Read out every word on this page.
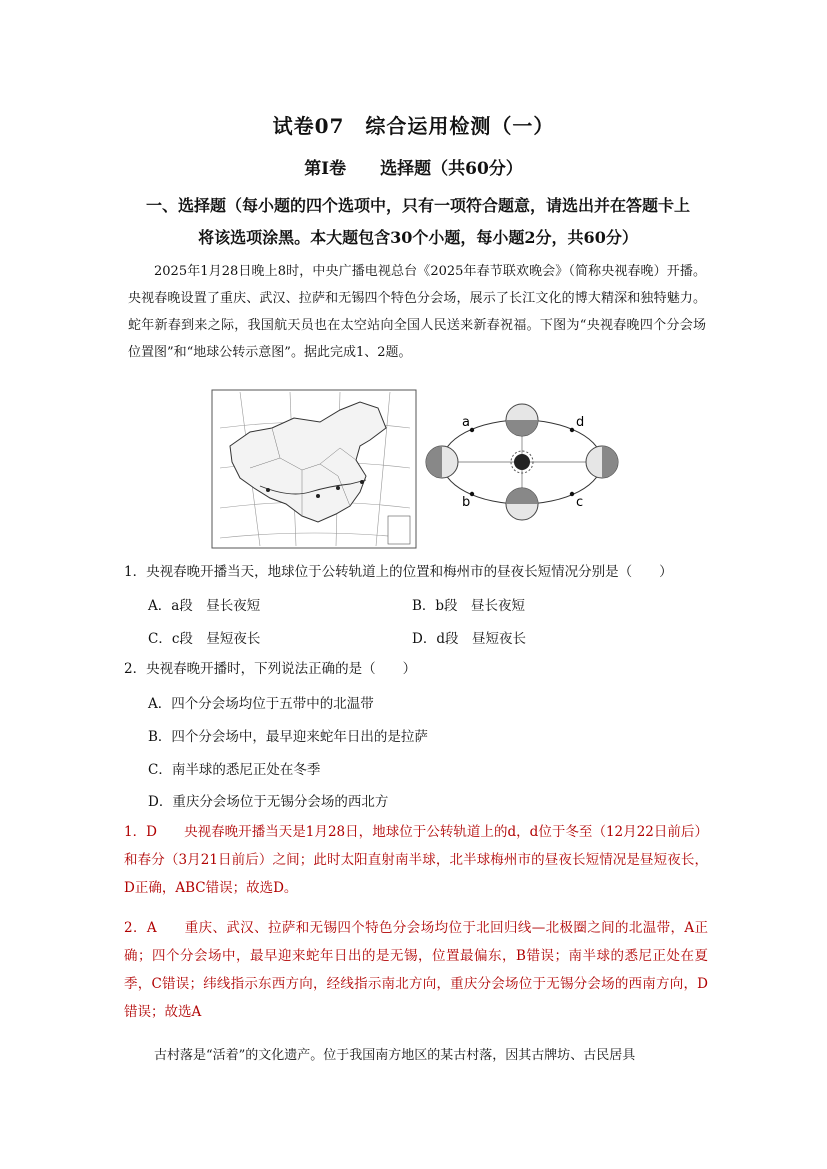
试卷07　综合运用检测（一）
第Ⅰ卷　　选择题（共60分）
一、选择题（每小题的四个选项中，只有一项符合题意，请选出并在答题卡上
将该选项涂黑。本大题包含30个小题，每小题2分，共60分）
2025年1月28日晚上8时，中央广播电视总台《2025年春节联欢晚会》（简称央视春晚）开播。央视春晚设置了重庆、武汉、拉萨和无锡四个特色分会场，展示了长江文化的博大精深和独特魅力。蛇年新春到来之际，我国航天员也在太空站向全国人民送来新春祝福。下图为“央视春晚四个分会场位置图”和“地球公转示意图”。据此完成1、2题。
a
b	c
d
1．央视春晚开播当天，地球位于公转轨道上的位置和梅州市的昼夜长短情况分别是（　　）
A．a段　昼长夜短	B．b段　昼长夜短
C．c段　昼短夜长	D．d段　昼短夜长
2．央视春晚开播时，下列说法正确的是（　　）
A．四个分会场均位于五带中的北温带
B．四个分会场中，最早迎来蛇年日出的是拉萨
C．南半球的悉尼正处在冬季
D．重庆分会场位于无锡分会场的西北方
1．D　　 央视春晚开播当天是1月28日，地球位于公转轨道上的d，d位于冬至（12月22日前后）和春分（3月21日前后）之间；此时太阳直射南半球，北半球梅州市的昼夜长短情况是昼短夜长，D正确，ABC错误；故选D。
2．A　　 重庆、武汉、拉萨和无锡四个特色分会场均位于北回归线—北极圈之间的北温带，A正确；四个分会场中，最早迎来蛇年日出的是无锡，位置最偏东，B错误；南半球的悉尼正处在夏季，C错误；纬线指示东西方向，经线指示南北方向，重庆分会场位于无锡分会场的西南方向，D错误；故选A
古村落是“活着”的文化遗产。位于我国南方地区的某古村落，因其古牌坊、古民居具
